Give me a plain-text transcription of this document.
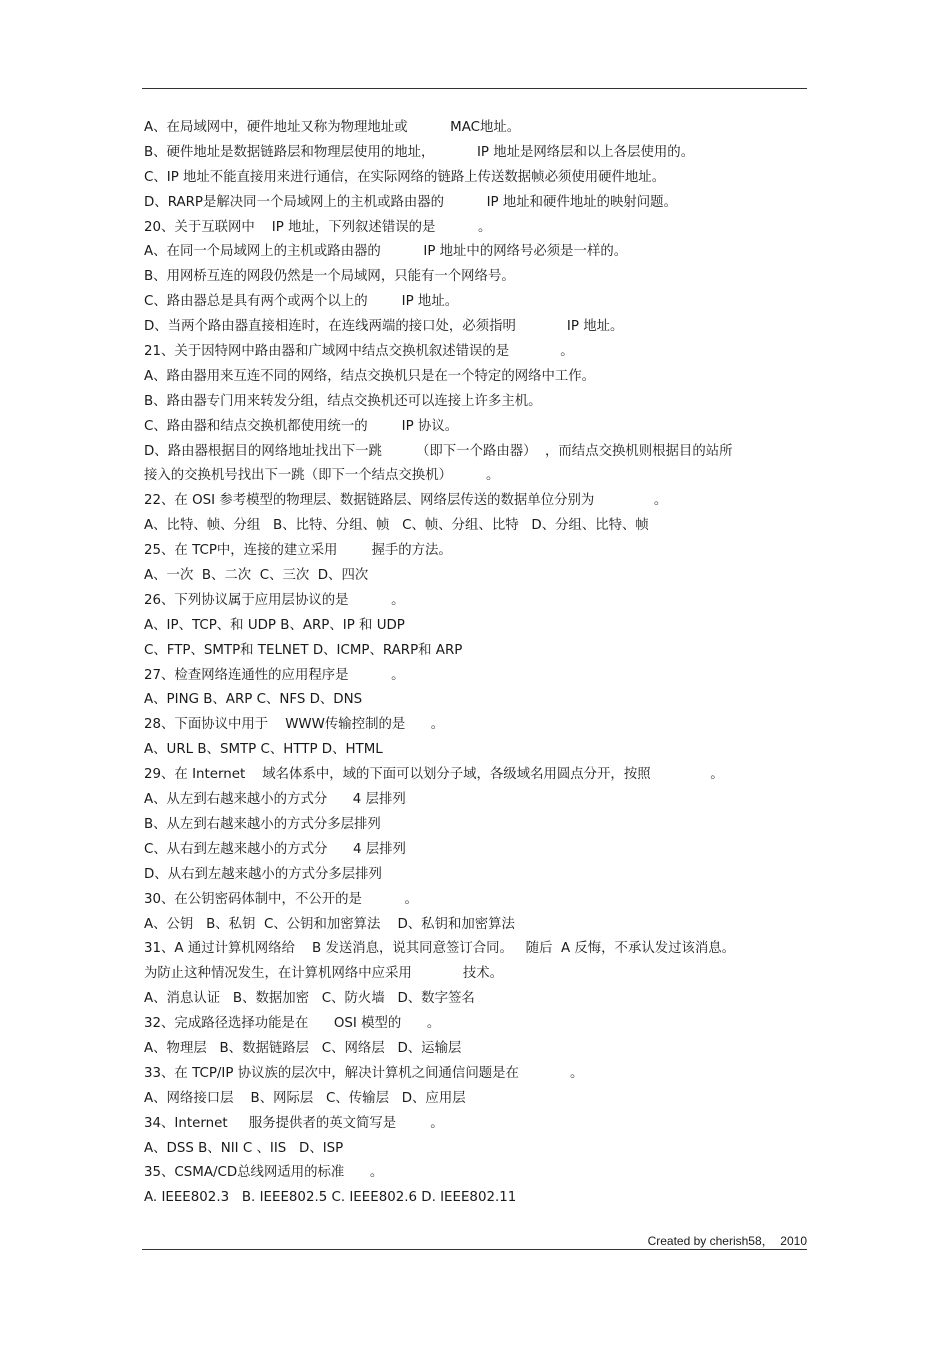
A、在局域网中，硬件地址又称为物理地址或          MAC地址。
B、硬件地址是数据链路层和物理层使用的地址，          IP 地址是网络层和以上各层使用的。
C、IP 地址不能直接用来进行通信，在实际网络的链路上传送数据帧必须使用硬件地址。
D、RARP是解决同一个局域网上的主机或路由器的          IP 地址和硬件地址的映射问题。
20、关于互联网中    IP 地址，下列叙述错误的是          。
A、在同一个局域网上的主机或路由器的          IP 地址中的网络号必须是一样的。
B、用网桥互连的网段仍然是一个局域网，只能有一个网络号。
C、路由器总是具有两个或两个以上的        IP 地址。
D、当两个路由器直接相连时，在连线两端的接口处，必须指明            IP 地址。
21、关于因特网中路由器和广域网中结点交换机叙述错误的是            。
A、路由器用来互连不同的网络，结点交换机只是在一个特定的网络中工作。
B、路由器专门用来转发分组，结点交换机还可以连接上许多主机。
C、路由器和结点交换机都使用统一的        IP 协议。
D、路由器根据目的网络地址找出下一跳        （即下一个路由器）  ，而结点交换机则根据目的站所
接入的交换机号找出下一跳（即下一个结点交换机）        。
22、在 OSI 参考模型的物理层、数据链路层、网络层传送的数据单位分别为              。
A、比特、帧、分组   B、比特、分组、帧   C、帧、分组、比特   D、分组、比特、帧
25、在 TCP中，连接的建立采用        握手的方法。
A、一次  B、二次  C、三次  D、四次
26、下列协议属于应用层协议的是          。
A、IP、TCP、和 UDP B、ARP、IP 和 UDP
C、FTP、SMTP和 TELNET D、ICMP、RARP和 ARP
27、检查网络连通性的应用程序是          。
A、PING B、ARP C、NFS D、DNS
28、下面协议中用于    WWW传输控制的是      。
A、URL B、SMTP C、HTTP D、HTML
29、在 Internet    域名体系中，域的下面可以划分子域，各级域名用圆点分开，按照              。
A、从左到右越来越小的方式分      4 层排列
B、从左到右越来越小的方式分多层排列
C、从右到左越来越小的方式分      4 层排列
D、从右到左越来越小的方式分多层排列
30、在公钥密码体制中，不公开的是          。
A、公钥   B、私钥  C、公钥和加密算法    D、私钥和加密算法
31、A 通过计算机网络给    B 发送消息，说其同意签订合同。   随后  A 反悔，不承认发过该消息。
为防止这种情况发生，在计算机网络中应采用            技术。
A、消息认证   B、数据加密   C、防火墙   D、数字签名
32、完成路径选择功能是在      OSI 模型的      。
A、物理层   B、数据链路层   C、网络层   D、运输层
33、在 TCP/IP 协议族的层次中，解决计算机之间通信问题是在            。
A、网络接口层    B、网际层   C、传输层   D、应用层
34、Internet     服务提供者的英文简写是        。
A、DSS B、NII C 、IIS   D、ISP
35、CSMA/CD总线网适用的标准      。
A. IEEE802.3   B. IEEE802.5 C. IEEE802.6 D. IEEE802.11
Created by cherish58，  2010
